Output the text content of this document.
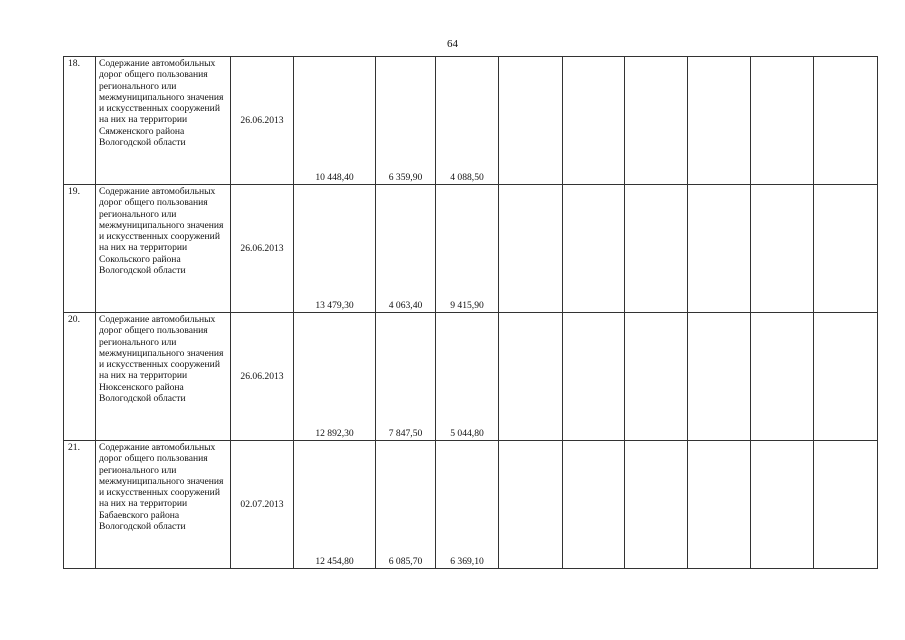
64
18.	Содержание автомобильных дорог общего пользования регионального или межмуниципального значения и искусственных сооружений на них на территории Сямженского района Вологодской области	26.06.2013	10 448,40	6 359,90	4 088,50						
19.	Содержание автомобильных дорог общего пользования регионального или межмуниципального значения и искусственных сооружений на них на территории Сокольского района Вологодской области	26.06.2013	13 479,30	4 063,40	9 415,90						
20.	Содержание автомобильных дорог общего пользования регионального или межмуниципального значения и искусственных сооружений на них на территории Нюксенского района Вологодской области	26.06.2013	12 892,30	7 847,50	5 044,80						
21.	Содержание автомобильных дорог общего пользования регионального или межмуниципального значения и искусственных сооружений на них на территории Бабаевского района Вологодской области	02.07.2013	12 454,80	6 085,70	6 369,10						
